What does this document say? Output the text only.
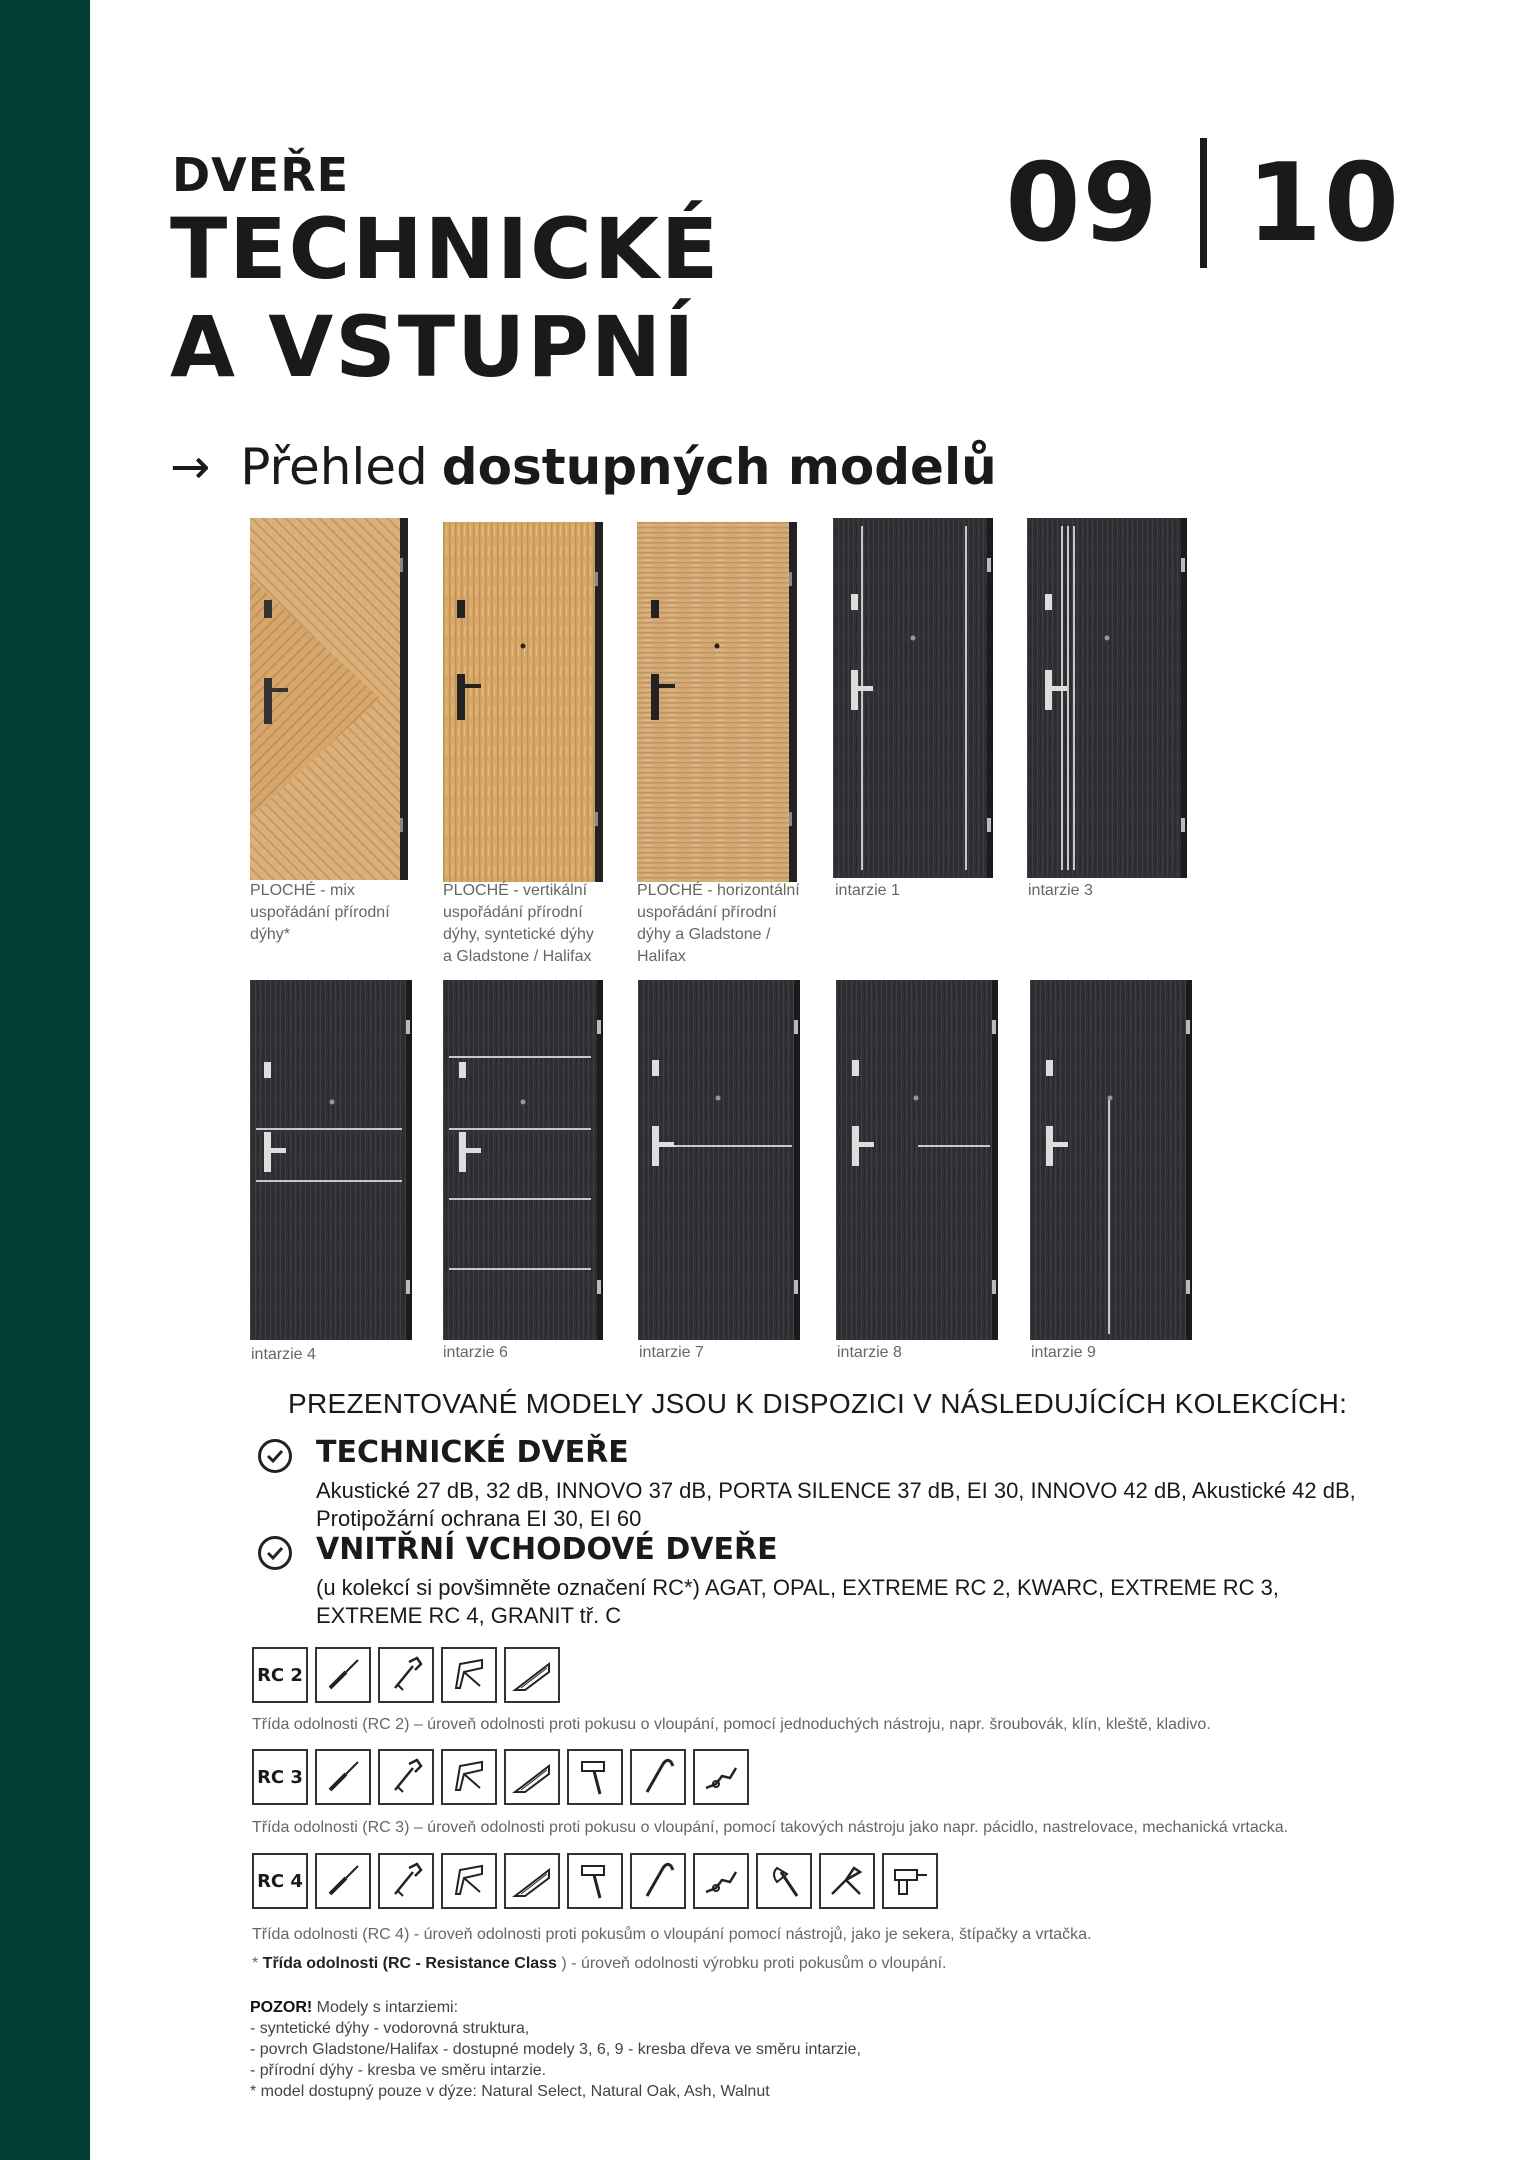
DVEŘE
TECHNICKÉ
A VSTUPNÍ
09 10
→ Přehled dostupných modelů
PLOCHÉ - mix
uspořádání přírodní
dýhy*
PLOCHÉ - vertikální
uspořádání přírodní
dýhy, syntetické dýhy
a Gladstone / Halifax
PLOCHÉ - horizontální
uspořádání přírodní
dýhy a Gladstone /
Halifax
intarzie 1	intarzie 3
intarzie 4	intarzie 6	intarzie 7	intarzie 8	intarzie 9
PREZENTOVANÉ MODELY JSOU K DISPOZICI V NÁSLEDUJÍCÍCH KOLEKCÍCH:
TECHNICKÉ DVEŘE
Akustické 27 dB, 32 dB, INNOVO 37 dB, PORTA SILENCE 37 dB, EI 30, INNOVO 42 dB, Akustické 42 dB,
Protipožární ochrana EI 30, EI 60
VNITŘNÍ VCHODOVÉ DVEŘE
(u kolekcí si povšimněte označení RC*) AGAT, OPAL, EXTREME RC 2, KWARC, EXTREME RC 3,
EXTREME RC 4, GRANIT tř. C
RC 2
Třída odolnosti (RC 2) – úroveň odolnosti proti pokusu o vloupání, pomocí jednoduchých nástroju, napr. šroubovák, klín, kleště, kladivo.
RC 3
Třída odolnosti (RC 3) – úroveň odolnosti proti pokusu o vloupání, pomocí takových nástroju jako napr. pácidlo, nastrelovace, mechanická vrtacka.
RC 4
Třída odolnosti (RC 4) - úroveň odolnosti proti pokusům o vloupání pomocí nástrojů, jako je sekera, štípačky a vrtačka.
* Třída odolnosti (RC - Resistance Class ) - úroveň odolnosti výrobku proti pokusům o vloupání.
POZOR! Modely s intarziemi:
- syntetické dýhy - vodorovná struktura,
- povrch Gladstone/Halifax - dostupné modely 3, 6, 9 - kresba dřeva ve směru intarzie,
- přírodní dýhy - kresba ve směru intarzie.
* model dostupný pouze v dýze: Natural Select, Natural Oak, Ash, Walnut
